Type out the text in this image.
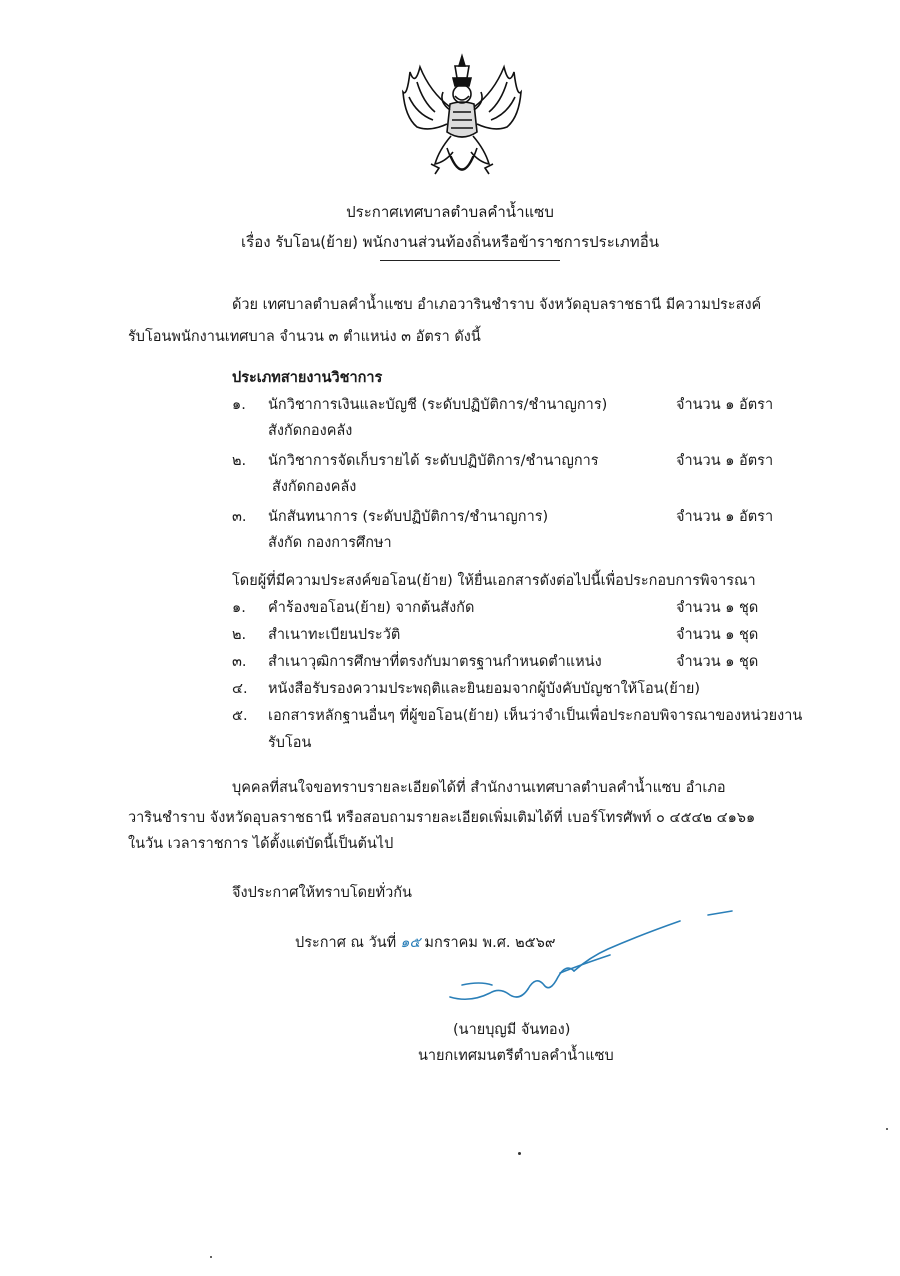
ประกาศเทศบาลตำบลคำน้ำแซบ
เรื่อง รับโอน(ย้าย) พนักงานส่วนท้องถิ่นหรือข้าราชการประเภทอื่น
ด้วย เทศบาลตำบลคำน้ำแซบ อำเภอวารินชำราบ จังหวัดอุบลราชธานี มีความประสงค์
รับโอนพนักงานเทศบาล จำนวน ๓ ตำแหน่ง ๓ อัตรา ดังนี้
ประเภทสายงานวิชาการ
๑. นักวิชาการเงินและบัญชี (ระดับปฏิบัติการ/ชำนาญการ)	จำนวน ๑ อัตรา
สังกัดกองคลัง
๒. นักวิชาการจัดเก็บรายได้ ระดับปฏิบัติการ/ชำนาญการ	จำนวน ๑ อัตรา
สังกัดกองคลัง
๓. นักสันทนาการ (ระดับปฏิบัติการ/ชำนาญการ)	จำนวน ๑ อัตรา
สังกัด กองการศึกษา
โดยผู้ที่มีความประสงค์ขอโอน(ย้าย) ให้ยื่นเอกสารดังต่อไปนี้เพื่อประกอบการพิจารณา
๑. คำร้องขอโอน(ย้าย) จากต้นสังกัด	จำนวน ๑ ชุด
๒. สำเนาทะเบียนประวัติ	จำนวน ๑ ชุด
๓. สำเนาวุฒิการศึกษาที่ตรงกับมาตรฐานกำหนดตำแหน่ง	จำนวน ๑ ชุด
๔. หนังสือรับรองความประพฤติและยินยอมจากผู้บังคับบัญชาให้โอน(ย้าย)
๕. เอกสารหลักฐานอื่นๆ ที่ผู้ขอโอน(ย้าย) เห็นว่าจำเป็นเพื่อประกอบพิจารณาของหน่วยงาน
รับโอน
บุคคลที่สนใจขอทราบรายละเอียดได้ที่ สำนักงานเทศบาลตำบลคำน้ำแซบ อำเภอ
วารินชำราบ จังหวัดอุบลราชธานี หรือสอบถามรายละเอียดเพิ่มเติมได้ที่ เบอร์โทรศัพท์ ๐ ๔๕๔๒ ๔๑๖๑
ในวัน เวลาราชการ ได้ตั้งแต่บัดนี้เป็นต้นไป
จึงประกาศให้ทราบโดยทั่วกัน
ประกาศ ณ วันที่ ๑๕ มกราคม พ.ศ. ๒๕๖๙
(นายบุญมี จันทอง)
นายกเทศมนตรีตำบลคำน้ำแซบ
